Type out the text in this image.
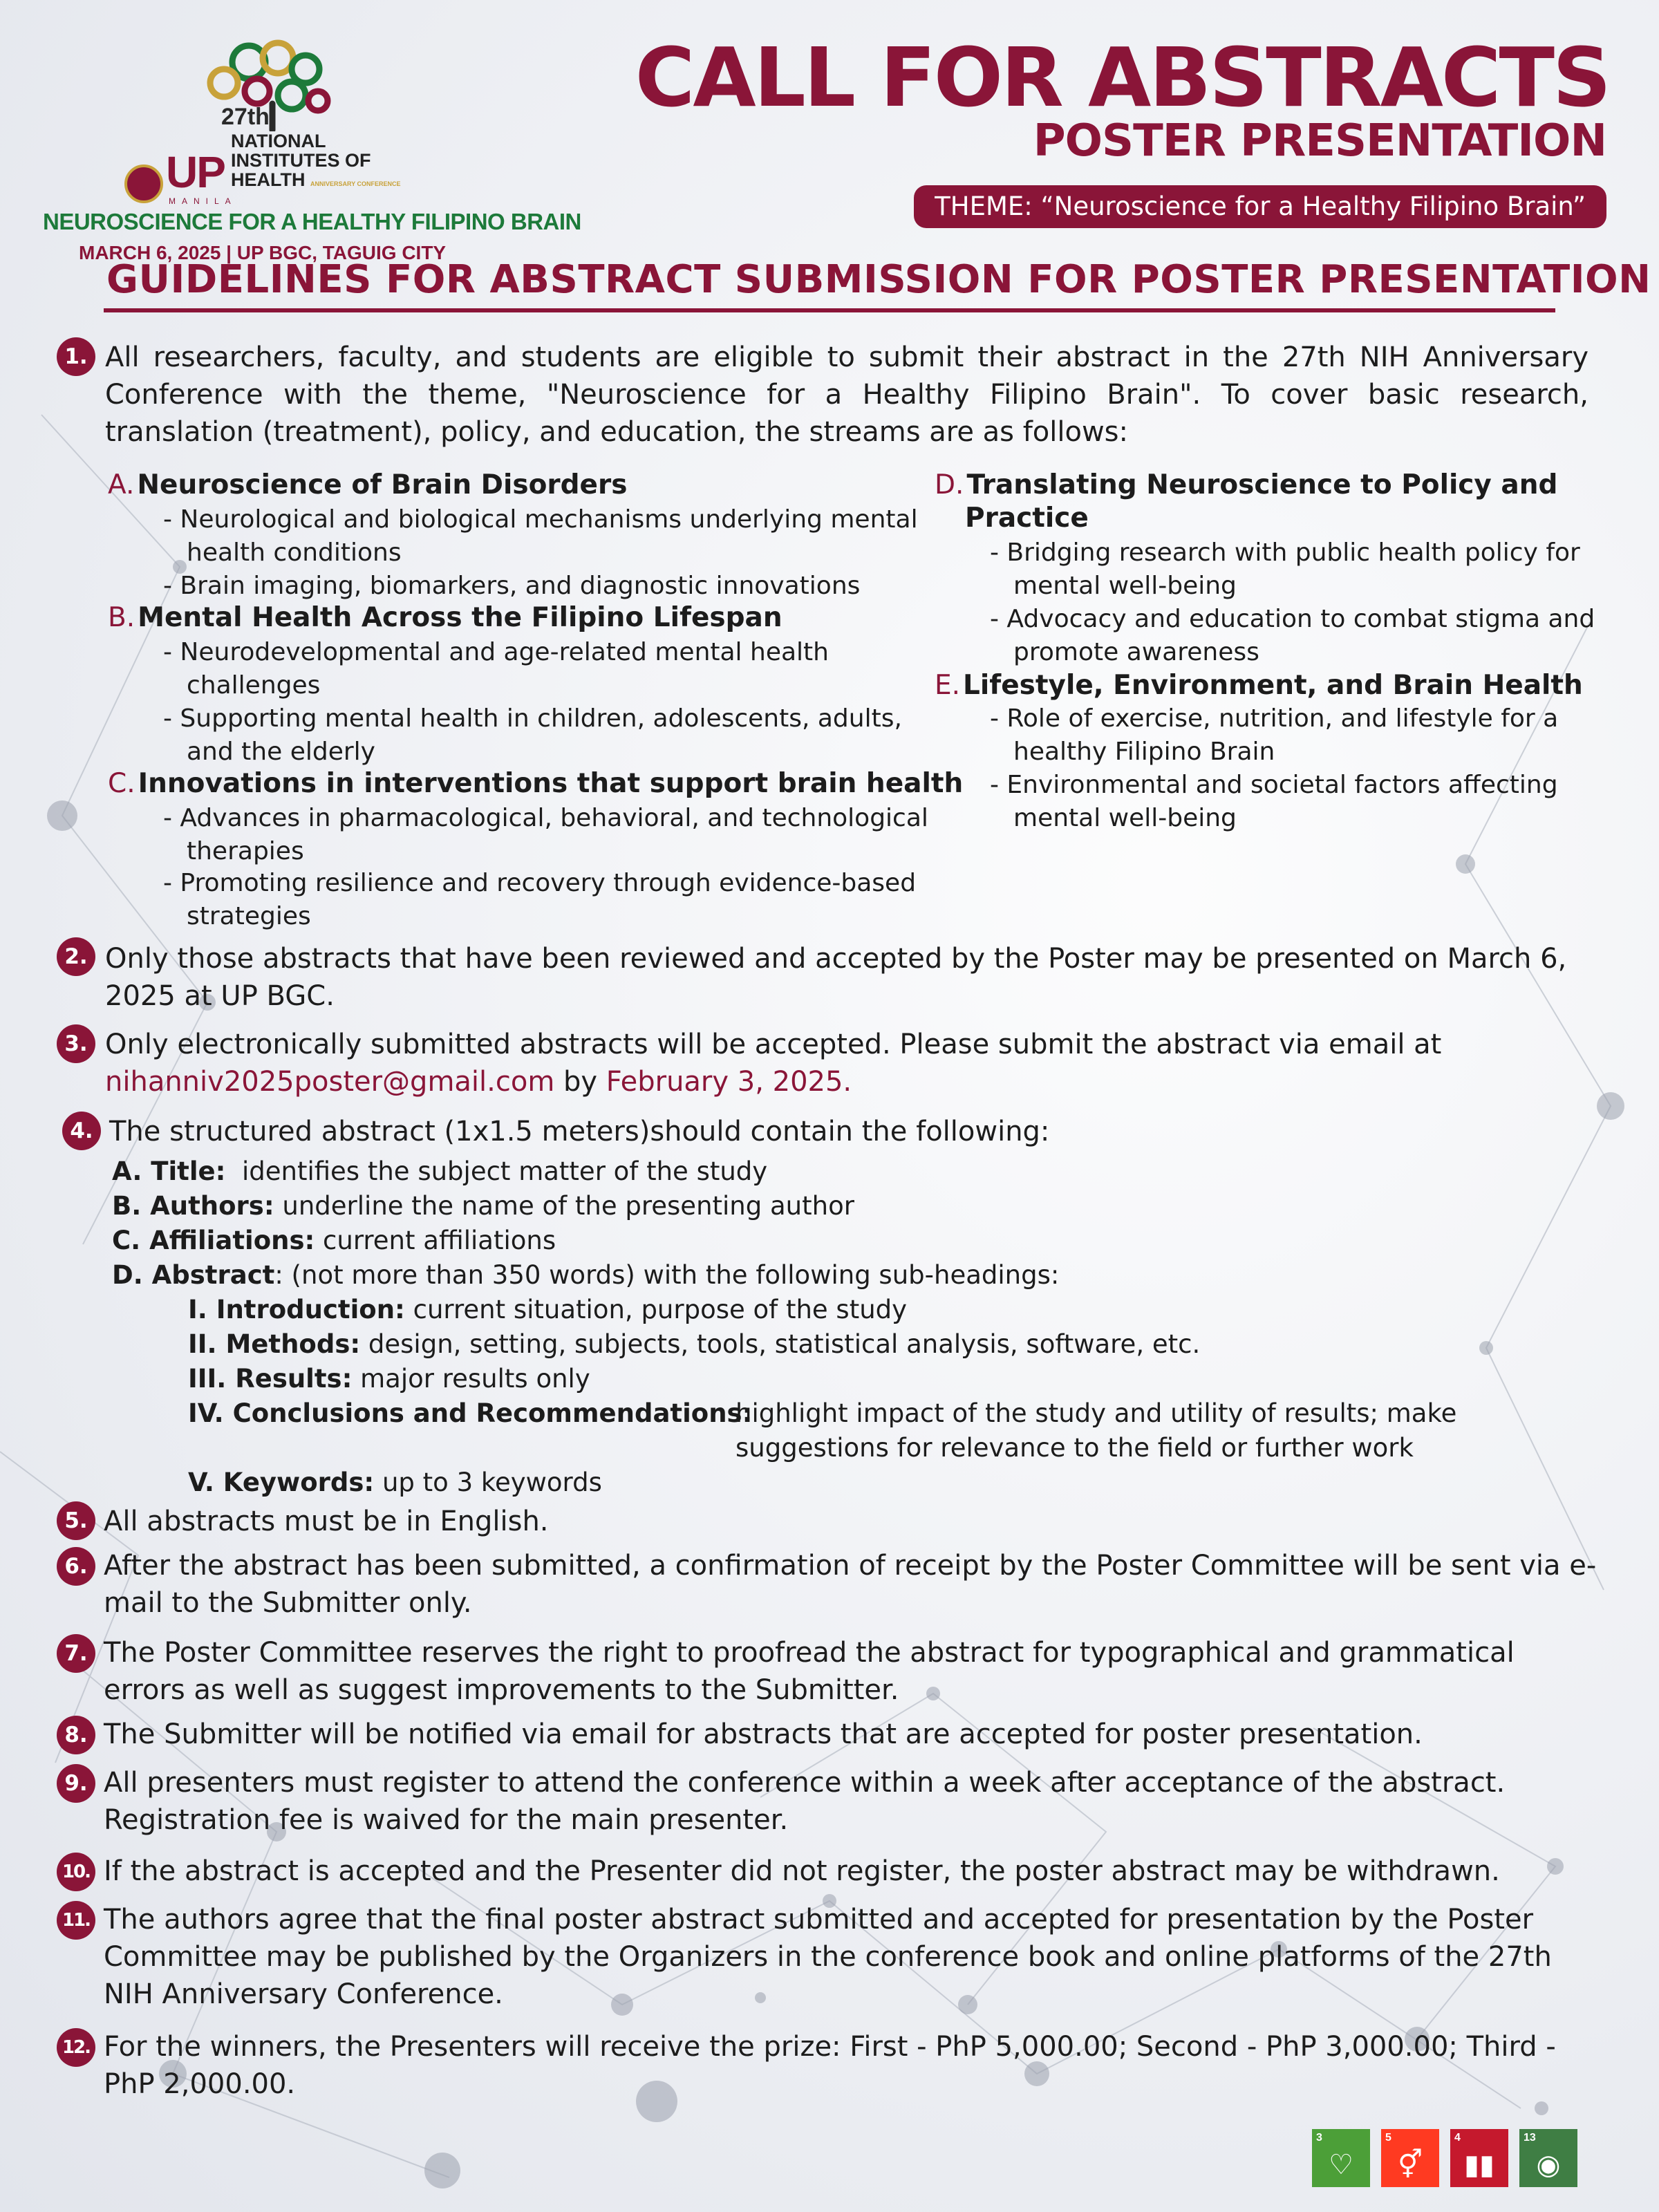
UP
MANILA
27th
NATIONAL
INSTITUTES OF
HEALTH ANNIVERSARY CONFERENCE
NEUROSCIENCE FOR A HEALTHY FILIPINO BRAIN
MARCH 6, 2025 | UP BGC, TAGUIG CITY
CALL FOR ABSTRACTS
POSTER PRESENTATION
THEME: “Neuroscience for a Healthy Filipino Brain”
GUIDELINES FOR ABSTRACT SUBMISSION FOR POSTER PRESENTATION
1. All researchers, faculty, and students are eligible to submit their abstract in the 27th NIH Anniversary Conference with the theme, "Neuroscience for a Healthy Filipino Brain". To cover basic research, translation (treatment), policy, and education, the streams are as follows:
A. Neuroscience of Brain Disorders
- Neurological and biological mechanisms underlying mental
health conditions
- Brain imaging, biomarkers, and diagnostic innovations
B. Mental Health Across the Filipino Lifespan
- Neurodevelopmental and age-related mental health
challenges
- Supporting mental health in children, adolescents, adults,
and the elderly
C. Innovations in interventions that support brain health
- Advances in pharmacological, behavioral, and technological
therapies
- Promoting resilience and recovery through evidence-based
strategies
D. Translating Neuroscience to Policy and
Practice
- Bridging research with public health policy for
mental well-being
- Advocacy and education to combat stigma and
promote awareness
E. Lifestyle, Environment, and Brain Health
- Role of exercise, nutrition, and lifestyle for a
healthy Filipino Brain
- Environmental and societal factors affecting
mental well-being
2. Only those abstracts that have been reviewed and accepted by the Poster may be presented on March 6, 2025 at UP BGC.
3. Only electronically submitted abstracts will be accepted. Please submit the abstract via email at
nihanniv2025poster@gmail.com by February 3, 2025.
4. The structured abstract (1x1.5 meters)should contain the following:
A. Title:  identifies the subject matter of the study
B. Authors: underline the name of the presenting author
C. Affiliations: current affiliations
D. Abstract: (not more than 350 words) with the following sub-headings:
I. Introduction: current situation, purpose of the study
II. Methods: design, setting, subjects, tools, statistical analysis, software, etc.
III. Results: major results only
IV. Conclusions and Recommendations:
highlight impact of the study and utility of results; make
suggestions for relevance to the field or further work
V. Keywords: up to 3 keywords
5. All abstracts must be in English.
6. After the abstract has been submitted, a confirmation of receipt by the Poster Committee will be sent via e-mail to the Submitter only.
7. The Poster Committee reserves the right to proofread the abstract for typographical and grammatical errors as well as suggest improvements to the Submitter.
8. The Submitter will be notified via email for abstracts that are accepted for poster presentation.
9. All presenters must register to attend the conference within a week after acceptance of the abstract. Registration fee is waived for the main presenter.
10. If the abstract is accepted and the Presenter did not register, the poster abstract may be withdrawn.
11. The authors agree that the final poster abstract submitted and accepted for presentation by the Poster Committee may be published by the Organizers in the conference book and online platforms of the 27th NIH Anniversary Conference.
12. For the winners, the Presenters will receive the prize: First - PhP 5,000.00; Second - PhP 3,000.00; Third - PhP 2,000.00.
3
♡
5
⚥
4
▮▮
13
◉
